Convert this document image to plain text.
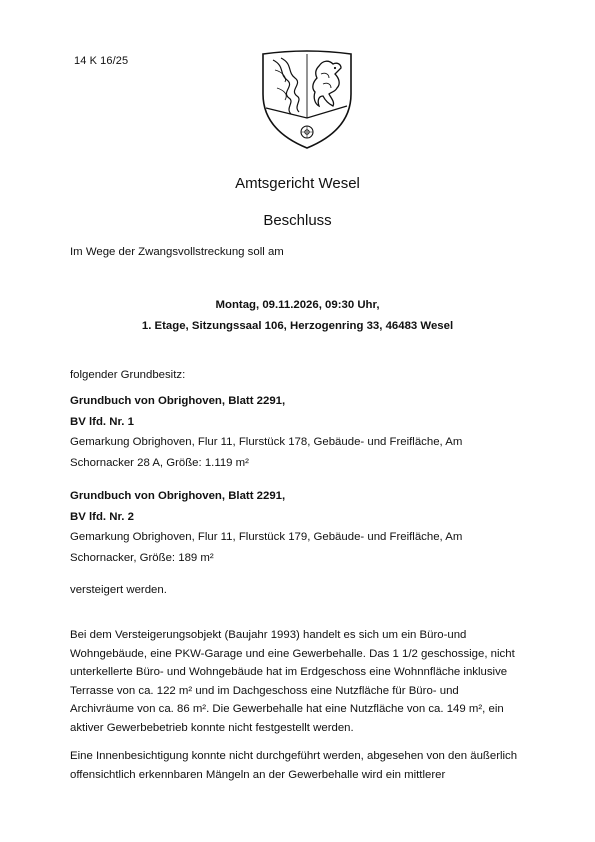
14 K 16/25
Amtsgericht Wesel
Beschluss
Im Wege der Zwangsvollstreckung soll am
Montag, 09.11.2026, 09:30 Uhr,
1. Etage, Sitzungssaal 106, Herzogenring 33, 46483 Wesel
folgender Grundbesitz:
Grundbuch von Obrighoven, Blatt 2291,
BV lfd. Nr. 1
Gemarkung Obrighoven, Flur 11, Flurstück 178, Gebäude- und Freifläche, Am Schornacker 28 A, Größe: 1.119 m²
Grundbuch von Obrighoven, Blatt 2291,
BV lfd. Nr. 2
Gemarkung Obrighoven, Flur 11, Flurstück 179, Gebäude- und Freifläche, Am Schornacker, Größe: 189 m²
versteigert werden.
Bei dem Versteigerungsobjekt (Baujahr 1993) handelt es sich um ein Büro-und Wohngebäude, eine PKW-Garage und eine Gewerbehalle. Das 1 1/2 geschossige, nicht unterkellerte Büro- und Wohngebäude hat im Erdgeschoss eine Wohnnfläche inklusive Terrasse von ca. 122 m² und im Dachgeschoss eine Nutzfläche für Büro- und Archivräume von ca. 86 m². Die Gewerbehalle hat eine Nutzfläche von ca. 149 m², ein aktiver Gewerbebetrieb konnte nicht festgestellt werden.
Eine Innenbesichtigung konnte nicht durchgeführt werden, abgesehen von den äußerlich offensichtlich erkennbaren Mängeln an der Gewerbehalle wird ein mittlerer
